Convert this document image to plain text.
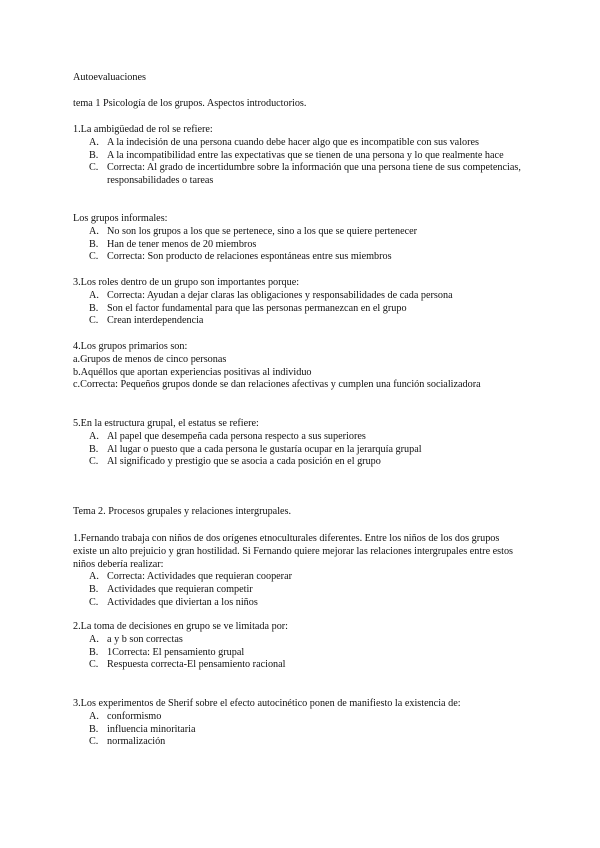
Autoevaluaciones
tema 1 Psicología de los grupos. Aspectos introductorios.
1.La ambigüedad de rol se refiere:
A. A la indecisión de una persona cuando debe hacer algo que es incompatible con sus valores
B. A la incompatibilidad entre las expectativas que se tienen de una persona y lo que realmente hace
C. Correcta: Al grado de incertidumbre sobre la información que una persona tiene de sus competencias, responsabilidades o tareas
Los grupos informales:
A. No son los grupos a los que se pertenece, sino a los que se quiere pertenecer
B. Han de tener menos de 20 miembros
C. Correcta: Son producto de relaciones espontáneas entre sus miembros
3.Los roles dentro de un grupo son importantes porque:
A. Correcta: Ayudan a dejar claras las obligaciones y responsabilidades de cada persona
B. Son el factor fundamental para que las personas permanezcan en el grupo
C. Crean interdependencia
4.Los grupos primarios son:
a.Grupos de menos de cinco personas
b.Aquéllos que aportan experiencias positivas al individuo
c.Correcta: Pequeños grupos donde se dan relaciones afectivas y cumplen una función socializadora
5.En la estructura grupal, el estatus se refiere:
A. Al papel que desempeña cada persona respecto a sus superiores
B. Al lugar o puesto que a cada persona le gustaría ocupar en la jerarquía grupal
C. Al significado y prestigio que se asocia a cada posición en el grupo
Tema 2. Procesos grupales y relaciones intergrupales.
1.Fernando trabaja con niños de dos orígenes etnoculturales diferentes. Entre los niños de los dos grupos existe un alto prejuicio y gran hostilidad. Si Fernando quiere mejorar las relaciones intergrupales entre estos niños debería realizar:
A. Correcta: Actividades que requieran cooperar
B. Actividades que requieran competir
C. Actividades que diviertan a los niños
2.La toma de decisiones en grupo se ve limitada por:
A. a y b son correctas
B. 1Correcta: El pensamiento grupal
C. Respuesta correcta-El pensamiento racional
3.Los experimentos de Sherif sobre el efecto autocinético ponen de manifiesto la existencia de:
A. conformismo
B. influencia minoritaria
C. normalización
